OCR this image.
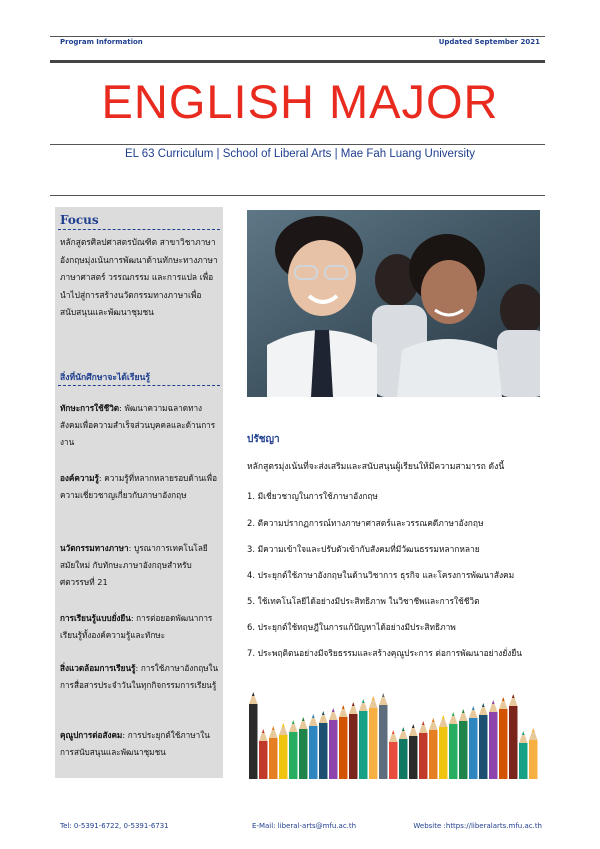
Program Information	Updated September 2021
ENGLISH MAJOR
EL 63 Curriculum | School of Liberal Arts | Mae Fah Luang University
Focus
หลักสูตรศิลปศาสตรบัณฑิต สาขาวิชาภาษาอังกฤษมุ่งเน้นการพัฒนาด้านทักษะทางภาษาภาษาศาสตร์ วรรณกรรม และการแปล เพื่อนำไปสู่การสร้างนวัตกรรมทางภาษาเพื่อสนับสนุนและพัฒนาชุมชน
สิ่งที่นักศึกษาจะได้เรียนรู้
ทักษะการใช้ชีวิต: พัฒนาความฉลาดทางสังคมเพื่อความสำเร็จส่วนบุคคลและด้านการงาน
องค์ความรู้: ความรู้ที่หลากหลายรอบด้านเพื่อความเชี่ยวชาญเกี่ยวกับภาษาอังกฤษ
นวัตกรรมทางภาษา: บูรณาการเทคโนโลยีสมัยใหม่ กับทักษะภาษาอังกฤษสำหรับศตวรรษที่ 21
การเรียนรู้แบบยั่งยืน: การต่อยอดพัฒนาการเรียนรู้ทั้งองค์ความรู้และทักษะ
สิ่งแวดล้อมการเรียนรู้: การใช้ภาษาอังกฤษในการสื่อสารประจำวันในทุกกิจกรรมการเรียนรู้
คุณูปการต่อสังคม: การประยุกต์ใช้ภาษาในการสนับสนุนและพัฒนาชุมชน
ปรัชญา
หลักสูตรมุ่งเน้นที่จะส่งเสริมและสนับสนุนผู้เรียนให้มีความสามารถ ดังนี้
1. มีเชี่ยวชาญในการใช้ภาษาอังกฤษ
2. ตีความปรากฏการณ์ทางภาษาศาสตร์และวรรณคดีภาษาอังกฤษ
3. มีความเข้าใจและปรับตัวเข้ากับสังคมที่มีวัฒนธรรมหลากหลาย
4. ประยุกต์ใช้ภาษาอังกฤษในด้านวิชาการ ธุรกิจ และโครงการพัฒนาสังคม
5. ใช้เทคโนโลยีได้อย่างมีประสิทธิภาพ ในวิชาชีพและการใช้ชีวิต
6. ประยุกต์ใช้ทฤษฎีในการแก้ปัญหาได้อย่างมีประสิทธิภาพ
7. ประพฤติตนอย่างมีจริยธรรมและสร้างคุณูประการ ต่อการพัฒนาอย่างยั่งยืน
Tel: 0-5391-6722, 0-5391-6731	E-Mail: liberal-arts@mfu.ac.th	Website :https://liberalarts.mfu.ac.th
